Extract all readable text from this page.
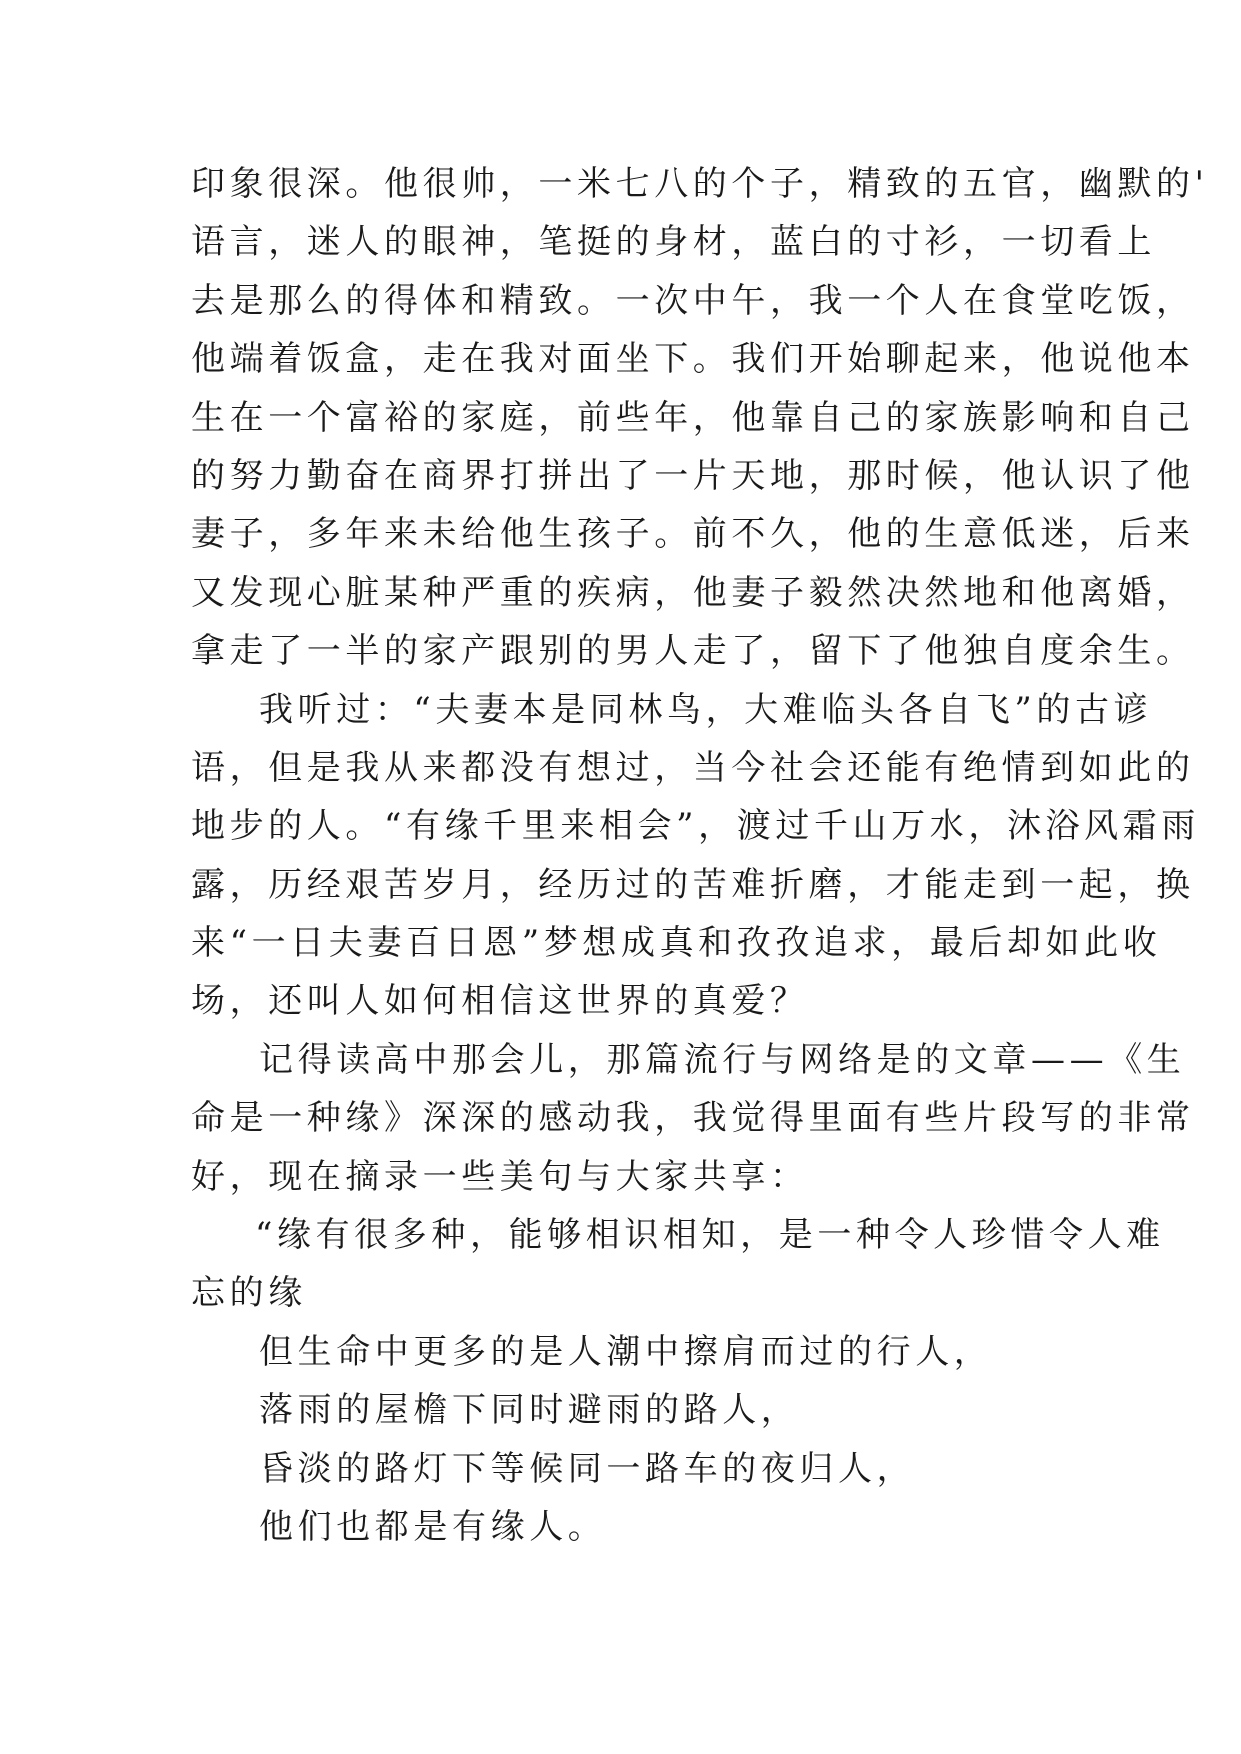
印象很深。他很帅，一米七八的个子，精致的五官，幽默的'
语言，迷人的眼神，笔挺的身材，蓝白的寸衫，一切看上
去是那么的得体和精致。一次中午，我一个人在食堂吃饭，
他端着饭盒，走在我对面坐下。我们开始聊起来，他说他本
生在一个富裕的家庭，前些年，他靠自己的家族影响和自己
的努力勤奋在商界打拼出了一片天地，那时候，他认识了他
妻子，多年来未给他生孩子。前不久，他的生意低迷，后来
又发现心脏某种严重的疾病，他妻子毅然决然地和他离婚，
拿走了一半的家产跟别的男人走了，留下了他独自度余生。
我听过：“夫妻本是同林鸟，大难临头各自飞”的古谚
语，但是我从来都没有想过，当今社会还能有绝情到如此的
地步的人。“有缘千里来相会”，渡过千山万水，沐浴风霜雨
露，历经艰苦岁月，经历过的苦难折磨，才能走到一起，换
来“一日夫妻百日恩”梦想成真和孜孜追求，最后却如此收
场，还叫人如何相信这世界的真爱？
记得读高中那会儿，那篇流行与网络是的文章——《生
命是一种缘》深深的感动我，我觉得里面有些片段写的非常
好，现在摘录一些美句与大家共享：
“缘有很多种，能够相识相知，是一种令人珍惜令人难
忘的缘
但生命中更多的是人潮中擦肩而过的行人，
落雨的屋檐下同时避雨的路人，
昏淡的路灯下等候同一路车的夜归人，
他们也都是有缘人。
